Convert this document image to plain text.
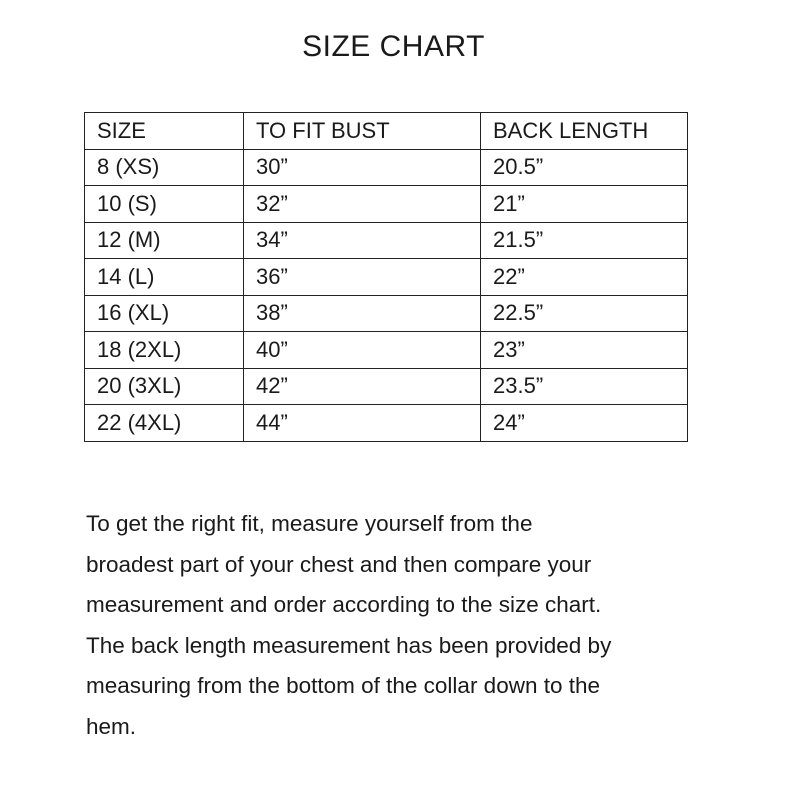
SIZE CHART
SIZE	TO FIT BUST	BACK LENGTH
8 (XS)	30”	20.5”
10 (S)	32”	21”
12 (M)	34”	21.5”
14 (L)	36”	22”
16 (XL)	38”	22.5”
18 (2XL)	40”	23”
20 (3XL)	42”	23.5”
22 (4XL)	44”	24”

To get the right fit, measure yourself from the
broadest part of your chest and then compare your
measurement and order according to the size chart.
The back length measurement has been provided by
measuring from the bottom of the collar down to the
hem.
